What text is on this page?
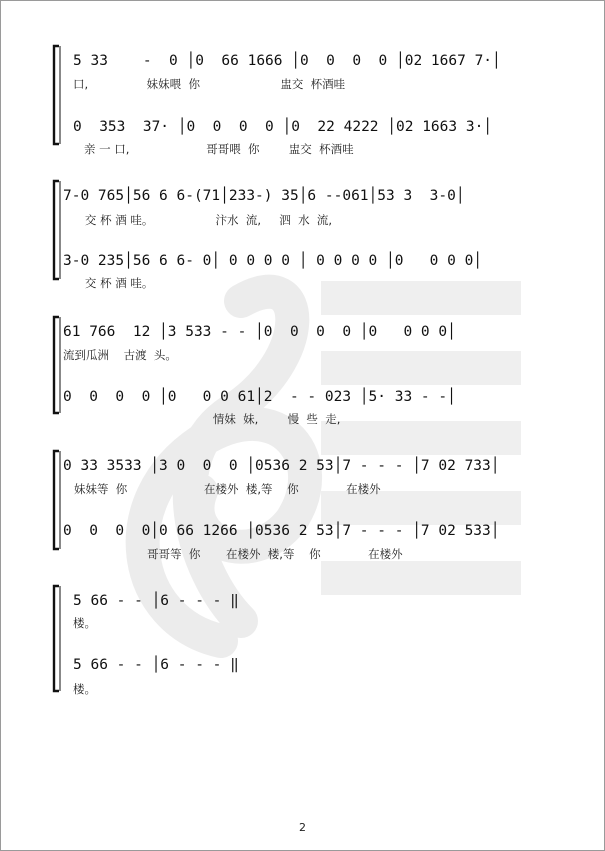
5 33    -  0 │0  66 1666 │0  0  0  0 │02 1667 7·│
口,                妹妹喂  你                      盅交  杯酒哇
0  353  37· │0  0  0  0 │0  22 4222 │02 1663 3·│
亲 一 口,                     哥哥喂  你        盅交  杯酒哇
7-0 765│56 6 6-(71│233-) 35│6 --061│53 3  3-0│
交 杯 酒 哇。                 汴水  流,     泗  水  流,
3-0 235│56 6 6- 0│ 0 0 0 0 │ 0 0 0 0 │0   0 0 0│
交 杯 酒 哇。
61 766  12 │3 533 - - │0  0  0  0 │0   0 0 0│
流到瓜洲    古渡  头。
0  0  0  0 │0   0 0 61│2  - - 023 │5· 33 - -│
情妹  妹,        慢  些  走,
0 33 3533 │3 0  0  0 │0536 2 53│7 - - - │7 02 733│
妹妹等  你                     在楼外  楼,等    你             在楼外
0  0  0  0│0 66 1266 │0536 2 53│7 - - - │7 02 533│
哥哥等  你       在楼外  楼,等    你             在楼外
5 66 - - │6 - - - ‖
楼。
5 66 - - │6 - - - ‖
楼。
2
